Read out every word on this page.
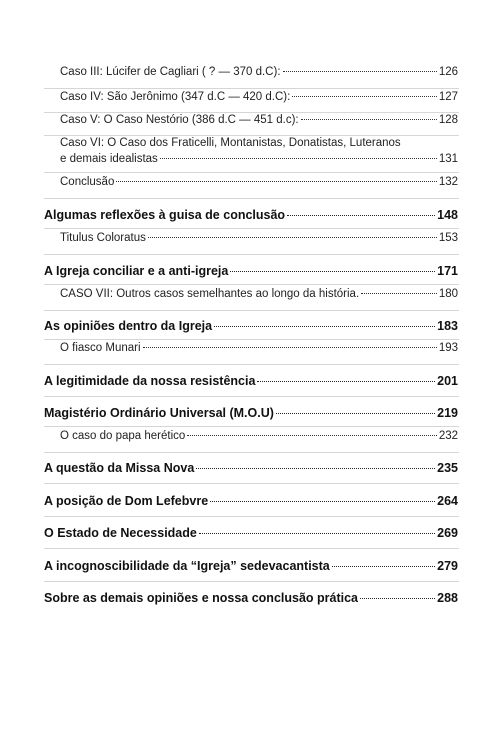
Caso III: Lúcifer de Cagliari ( ? — 370 d.C):	126
Caso IV: São Jerônimo (347 d.C — 420 d.C):	127
Caso V: O Caso Nestório (386 d.C — 451 d.c):	128
Caso VI: O Caso dos Fraticelli, Montanistas, Donatistas, Luteranos
e demais idealistas	131
Conclusão	132
Algumas reflexões à guisa de conclusão	148
Titulus Coloratus	153
A Igreja conciliar e a anti-igreja	171
CASO VII: Outros casos semelhantes ao longo da história.	180
As opiniões dentro da Igreja	183
O fiasco Munari	193
A legitimidade da nossa resistência	201
Magistério Ordinário Universal (M.O.U)	219
O caso do papa herético	232
A questão da Missa Nova	235
A posição de Dom Lefebvre	264
O Estado de Necessidade	269
A incognoscibilidade da “Igreja” sedevacantista	279
Sobre as demais opiniões e nossa conclusão prática	288
